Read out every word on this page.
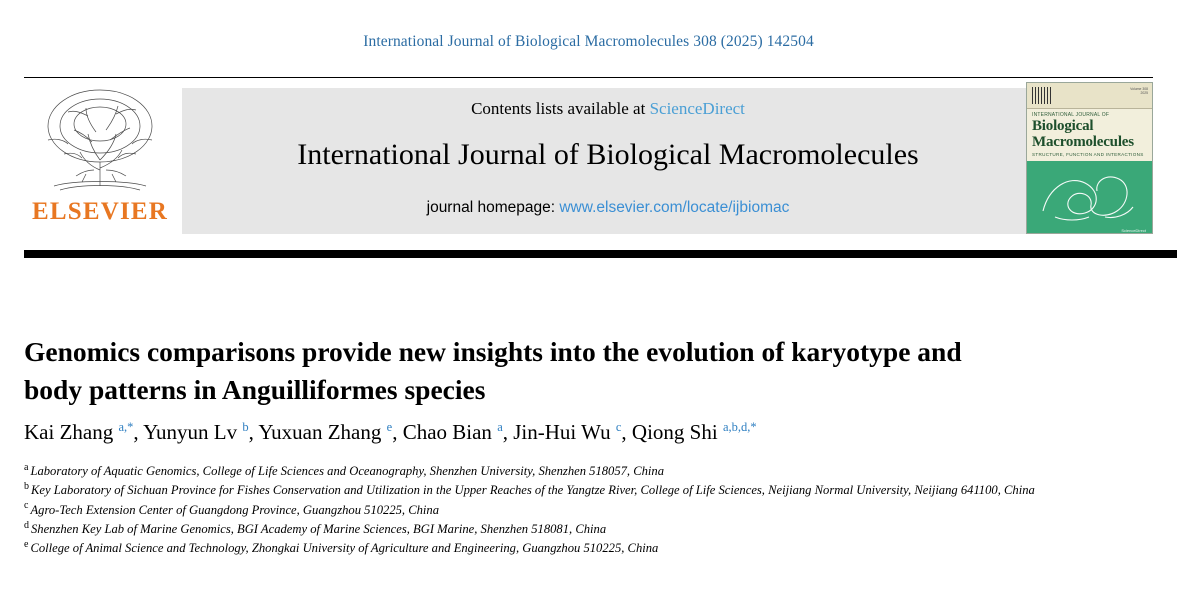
International Journal of Biological Macromolecules 308 (2025) 142504
ELSEVIER
Contents lists available at ScienceDirect
International Journal of Biological Macromolecules
journal homepage: www.elsevier.com/locate/ijbiomac
Volume 308
2025
INTERNATIONAL JOURNAL OF
Biological
Macromolecules
STRUCTURE, FUNCTION AND INTERACTIONS
ScienceDirect
Genomics comparisons provide new insights into the evolution of karyotype and body patterns in Anguilliformes species
Kai Zhang $^{a,*}$, Yunyun Lv $^b$, Yuxuan Zhang $^e$, Chao Bian $^a$, Jin-Hui Wu $^c$, Qiong Shi $^{a,b,d,*}$
$^a$ Laboratory of Aquatic Genomics, College of Life Sciences and Oceanography, Shenzhen University, Shenzhen 518057, China
$^b$ Key Laboratory of Sichuan Province for Fishes Conservation and Utilization in the Upper Reaches of the Yangtze River, College of Life Sciences, Neijiang Normal University, Neijiang 641100, China
$^c$ Agro-Tech Extension Center of Guangdong Province, Guangzhou 510225, China
$^d$ Shenzhen Key Lab of Marine Genomics, BGI Academy of Marine Sciences, BGI Marine, Shenzhen 518081, China
$^e$ College of Animal Science and Technology, Zhongkai University of Agriculture and Engineering, Guangzhou 510225, China
